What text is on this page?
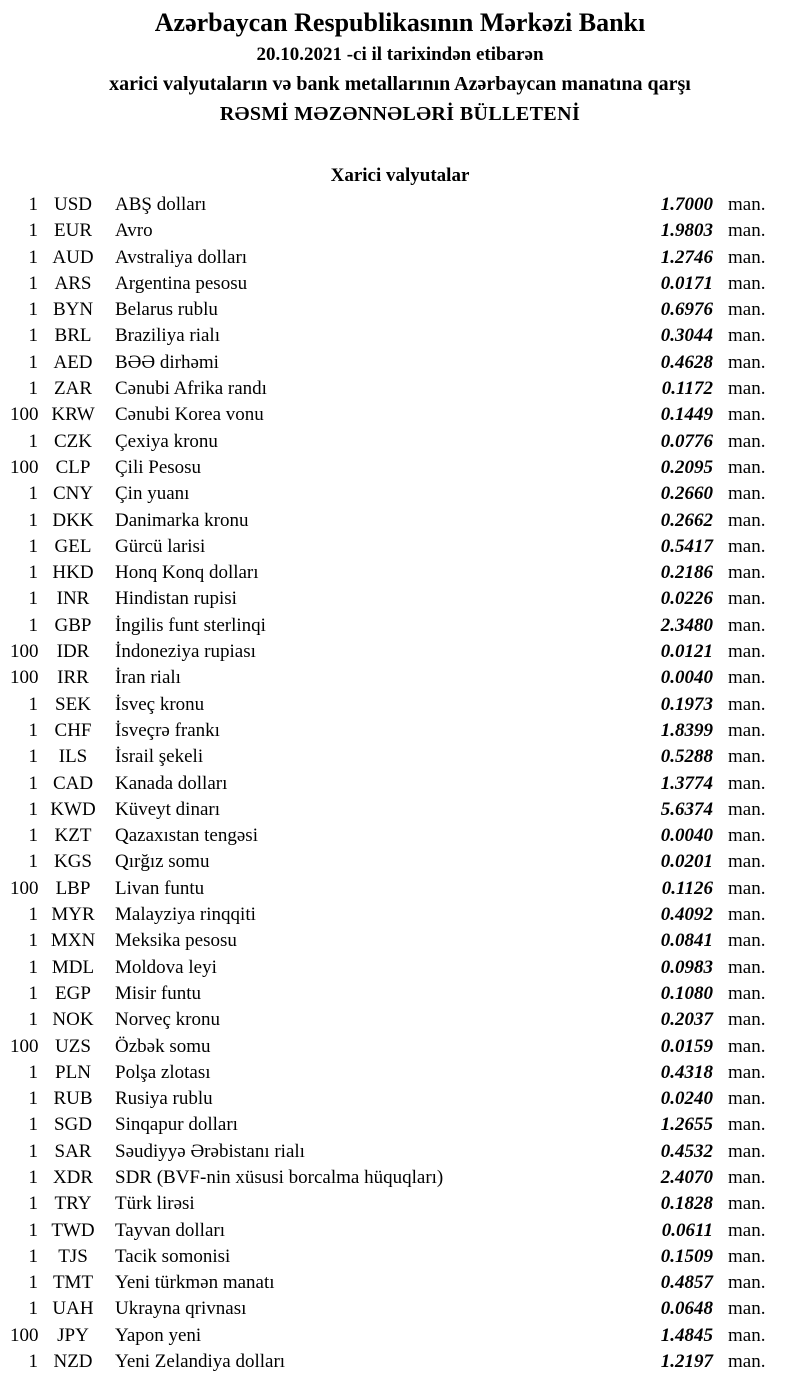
Azərbaycan Respublikasının Mərkəzi Bankı
20.10.2021 -ci il tarixindən etibarən
xarici valyutaların və bank metallarının Azərbaycan manatına qarşı
RƏSMİ MƏZƏNNƏLƏRİ BÜLLETENİ
Xarici valyutalar
1 USD	ABŞ dolları	1.7000 man.
1 EUR	Avro	1.9803 man.
1 AUD	Avstraliya dolları	1.2746 man.
1 ARS	Argentina pesosu	0.0171 man.
1 BYN	Belarus rublu	0.6976 man.
1 BRL	Braziliya rialı	0.3044 man.
1 AED	BƏƏ dirhəmi	0.4628 man.
1 ZAR	Cənubi Afrika randı	0.1172 man.
100 KRW	Cənubi Korea vonu	0.1449 man.
1 CZK	Çexiya kronu	0.0776 man.
100 CLP	Çili Pesosu	0.2095 man.
1 CNY	Çin yuanı	0.2660 man.
1 DKK	Danimarka kronu	0.2662 man.
1 GEL	Gürcü larisi	0.5417 man.
1 HKD	Honq Konq dolları	0.2186 man.
1 INR	Hindistan rupisi	0.0226 man.
1 GBP	İngilis funt sterlinqi	2.3480 man.
100 IDR	İndoneziya rupiası	0.0121 man.
100 IRR	İran rialı	0.0040 man.
1 SEK	İsveç kronu	0.1973 man.
1 CHF	İsveçrə frankı	1.8399 man.
1	ILS	İsrail şekeli	0.5288 man.
1 CAD	Kanada dolları	1.3774 man.
1 KWD	Küveyt dinarı	5.6374 man.
1 KZT	Qazaxıstan tengəsi	0.0040 man.
1 KGS	Qırğız somu	0.0201 man.
100 LBP	Livan funtu	0.1126 man.
1 MYR	Malayziya rinqqiti	0.4092 man.
1 MXN	Meksika pesosu	0.0841 man.
1 MDL	Moldova leyi	0.0983 man.
1 EGP	Misir funtu	0.1080 man.
1 NOK	Norveç kronu	0.2037 man.
100 UZS	Özbək somu	0.0159 man.
1 PLN	Polşa zlotası	0.4318 man.
1 RUB	Rusiya rublu	0.0240 man.
1 SGD	Sinqapur dolları	1.2655 man.
1 SAR	Səudiyyə Ərəbistanı rialı	0.4532 man.
1 XDR	SDR (BVF-nin xüsusi borcalma hüquqları)	2.4070 man.
1 TRY	Türk lirəsi	0.1828 man.
1 TWD	Tayvan dolları	0.0611 man.
1	TJS	Tacik somonisi	0.1509 man.
1 TMT	Yeni türkmən manatı	0.4857 man.
1 UAH	Ukrayna qrivnası	0.0648 man.
100 JPY	Yapon yeni	1.4845 man.
1 NZD	Yeni Zelandiya dolları	1.2197 man.
